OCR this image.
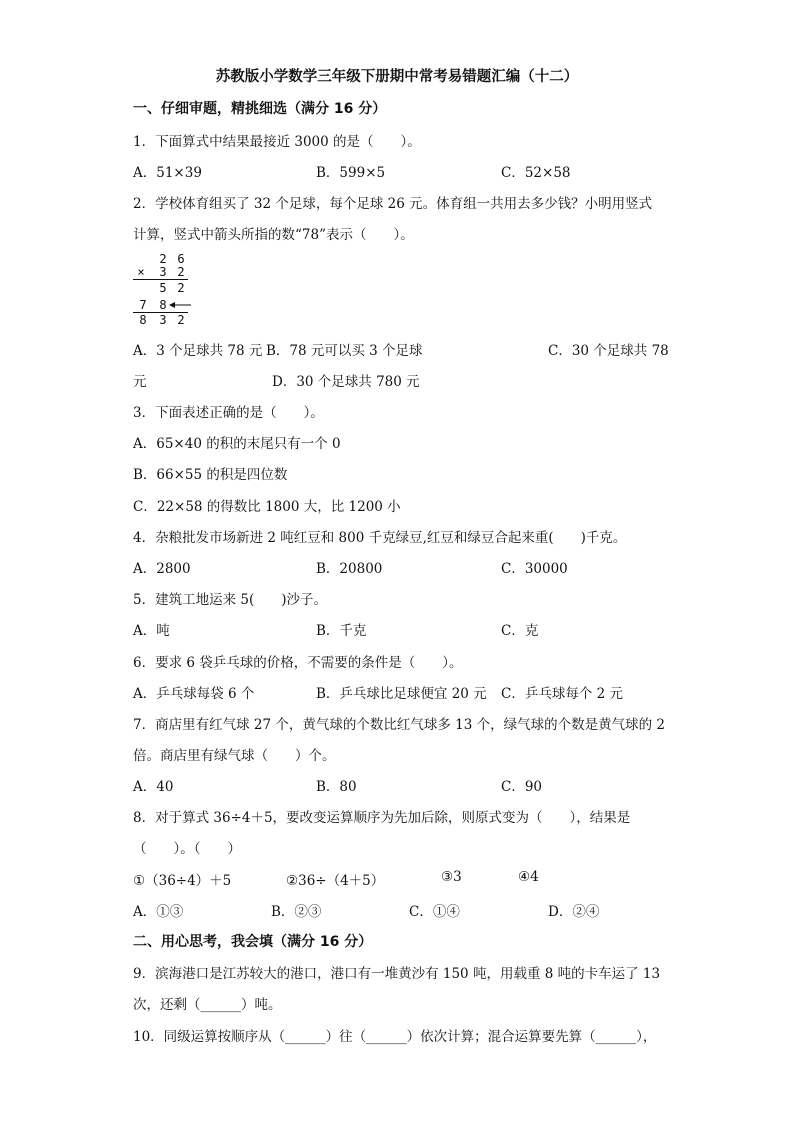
苏教版小学数学三年级下册期中常考易错题汇编（十二）
一、仔细审题，精挑细选（满分 16 分）
1．下面算式中结果最接近 3000 的是（　　）。
A．51×39	B．599×5	C．52×58
2．学校体育组买了 32 个足球，每个足球 26 元。体育组一共用去多少钱？小明用竖式
计算，竖式中箭头所指的数“78”表示（　　）。
2 6
× 3 2
5 2
7 8
8 3 2
A．3 个足球共 78 元 B．78 元可以买 3 个足球	C．30 个足球共 78
元	D．30 个足球共 780 元
3．下面表述正确的是（　　）。
A．65×40 的积的末尾只有一个 0
B．66×55 的积是四位数
C．22×58 的得数比 1800 大，比 1200 小
4．杂粮批发市场新进 2 吨红豆和 800 千克绿豆,红豆和绿豆合起来重(　　)千克。
A．2800	B．20800	C．30000
5．建筑工地运来 5(　　)沙子。
A．吨	B．千克	C．克
6．要求 6 袋乒乓球的价格，不需要的条件是（　　）。
A．乒乓球每袋 6 个	B．乒乓球比足球便宜 20 元 C．乒乓球每个 2 元
7．商店里有红气球 27 个，黄气球的个数比红气球多 13 个，绿气球的个数是黄气球的 2
倍。商店里有绿气球（　　）个。
A．40	B．80	C．90
8．对于算式 36÷4＋5，要改变运算顺序为先加后除，则原式变为（　　），结果是
（　　）。（　　）
①（36÷4）＋5	②36÷（4＋5）	③3	④4
A．①③	B．②③	C．①④	D．②④
二、用心思考，我会填（满分 16 分）
9．滨海港口是江苏较大的港口，港口有一堆黄沙有 150 吨，用载重 8 吨的卡车运了 13
次，还剩（______）吨。
10．同级运算按顺序从（______）往（______）依次计算；混合运算要先算（______），
